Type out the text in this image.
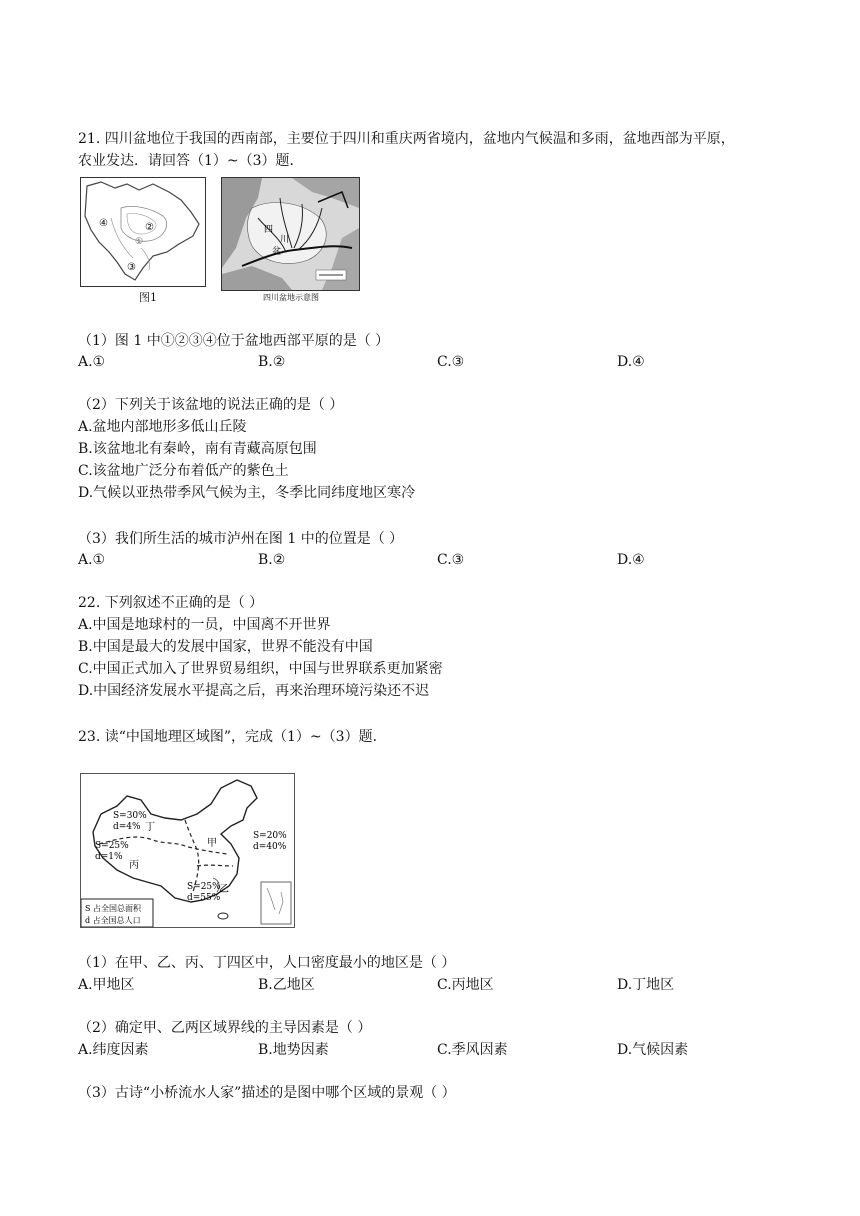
21. 四川盆地位于我国的西南部，主要位于四川和重庆两省境内，盆地内气候温和多雨，盆地西部为平原，
农业发达．请回答（1）~（3）题．
④	②
①
③
图1
四
川
盆
四川盆地示意图
（1）图 1 中①②③④位于盆地西部平原的是（ ）
A.①	B.②	C.③	D.④
（2）下列关于该盆地的说法正确的是（ ）
A.盆地内部地形多低山丘陵
B.该盆地北有秦岭，南有青藏高原包围
C.该盆地广泛分布着低产的紫色土
D.气候以亚热带季风气候为主，冬季比同纬度地区寒冷
（3）我们所生活的城市泸州在图 1 中的位置是（ ）
A.①	B.②	C.③	D.④
22. 下列叙述不正确的是（ ）
A.中国是地球村的一员，中国离不开世界
B.中国是最大的发展中国家，世界不能没有中国
C.中国正式加入了世界贸易组织，中国与世界联系更加紧密
D.中国经济发展水平提高之后，再来治理环境污染还不迟
23. 读“中国地理区域图”，完成（1）~（3）题．
S=30%
d=4% 丁
S=25%
d=1%
丙
S=20%
d=40%
甲
S=25%
d=55%
乙
S 占全国总面积
d 占全国总人口
（1）在甲、乙、丙、丁四区中，人口密度最小的地区是（ ）
A.甲地区	B.乙地区	C.丙地区	D.丁地区
（2）确定甲、乙两区域界线的主导因素是（ ）
A.纬度因素	B.地势因素	C.季风因素	D.气候因素
（3）古诗“小桥流水人家”描述的是图中哪个区域的景观（ ）
